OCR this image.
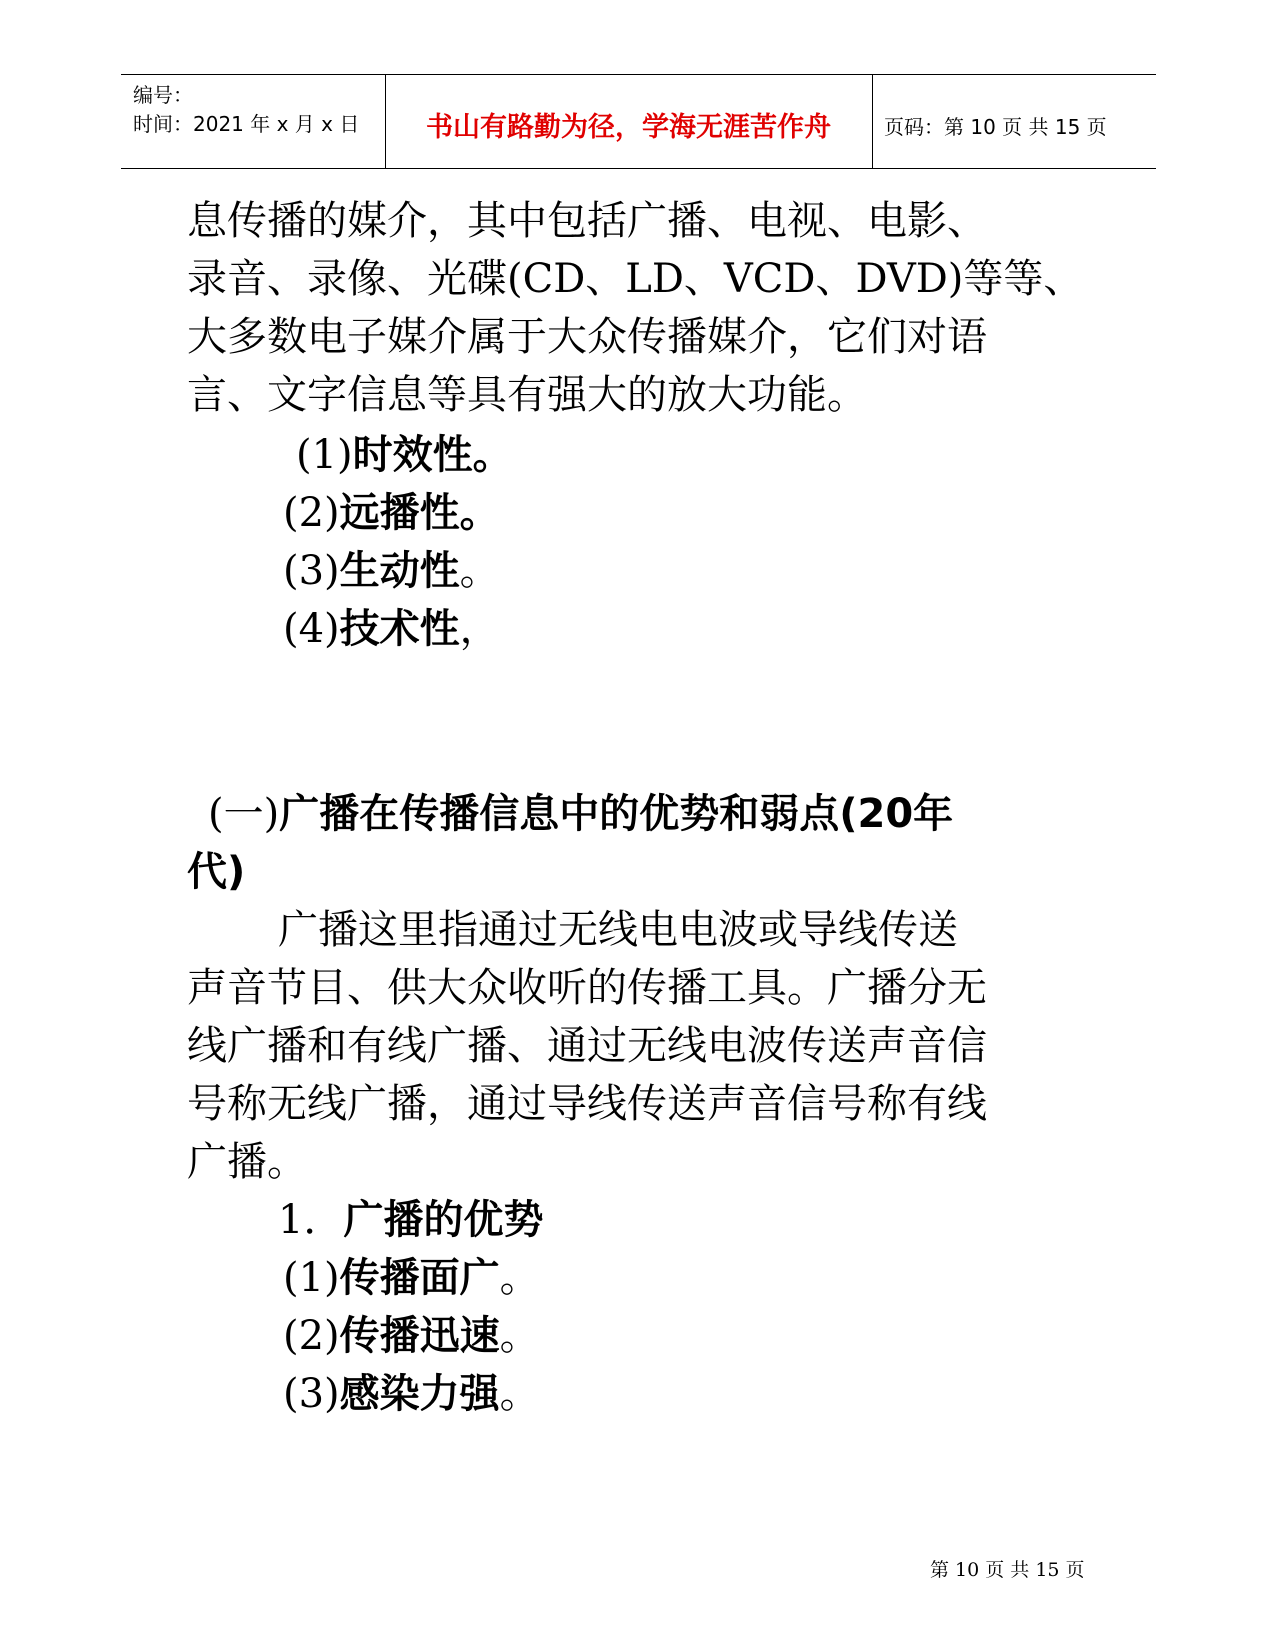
编号：
时间：2021 年 x 月 x 日	书山有路勤为径，学海无涯苦作舟	页码：第 10 页 共 15 页
息传播的媒介，其中包括广播、电视、电影、
录音、录像、光碟(CD、LD、VCD、DVD)等等、
大多数电子媒介属于大众传播媒介，它们对语
言、文字信息等具有强大的放大功能。
(1)时效性。
(2)远播性。
(3)生动性。
(4)技术性，
(一)广播在传播信息中的优势和弱点(20年
代)
广播这里指通过无线电电波或导线传送
声音节目、供大众收听的传播工具。广播分无
线广播和有线广播、通过无线电波传送声音信
号称无线广播，通过导线传送声音信号称有线
广播。
1．广播的优势
(1)传播面广。
(2)传播迅速。
(3)感染力强。
第 10 页 共 15 页
